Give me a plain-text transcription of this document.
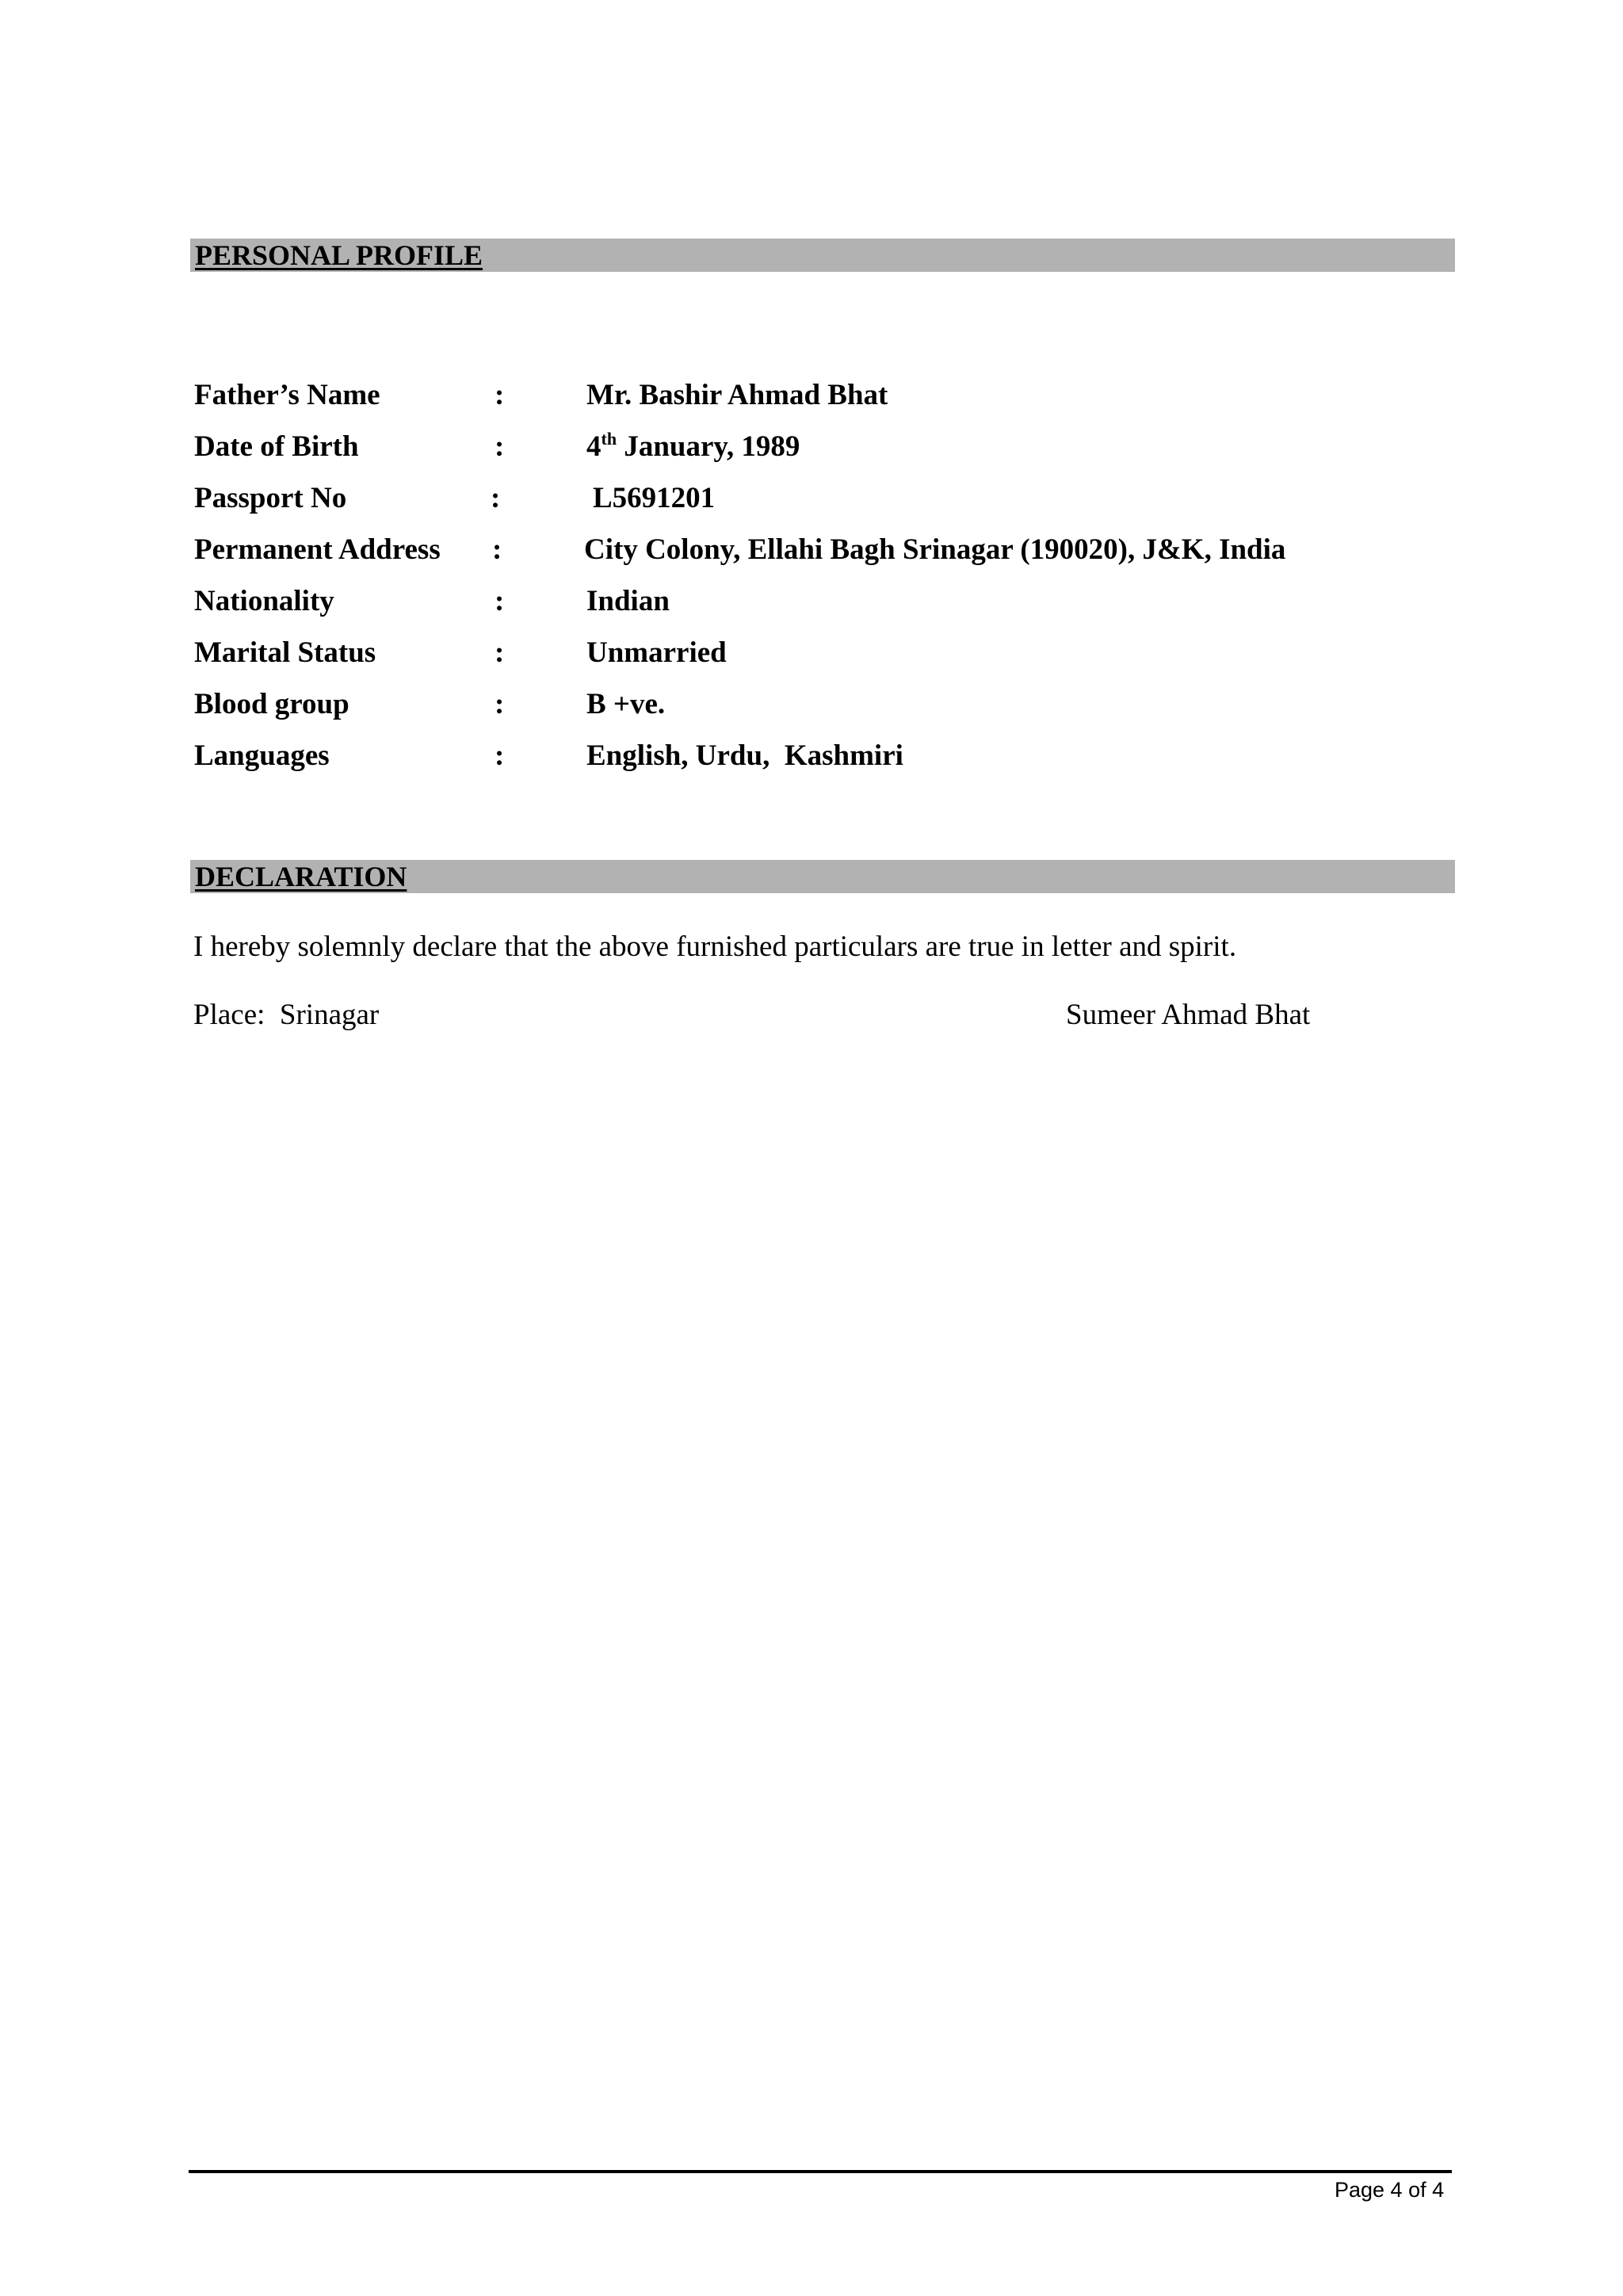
PERSONAL PROFILE
Father’s Name	:	Mr. Bashir Ahmad Bhat
Date of Birth	:	4th January, 1989
Passport No	:	L5691201
Permanent Address :	City Colony, Ellahi Bagh Srinagar (190020), J&K, India
Nationality	:	Indian
Marital Status	:	Unmarried
Blood group	:	B +ve.
Languages	:	English, Urdu,  Kashmiri
DECLARATION
I hereby solemnly declare that the above furnished particulars are true in letter and spirit.
Place:  Srinagar	Sumeer Ahmad Bhat
Page 4 of 4
